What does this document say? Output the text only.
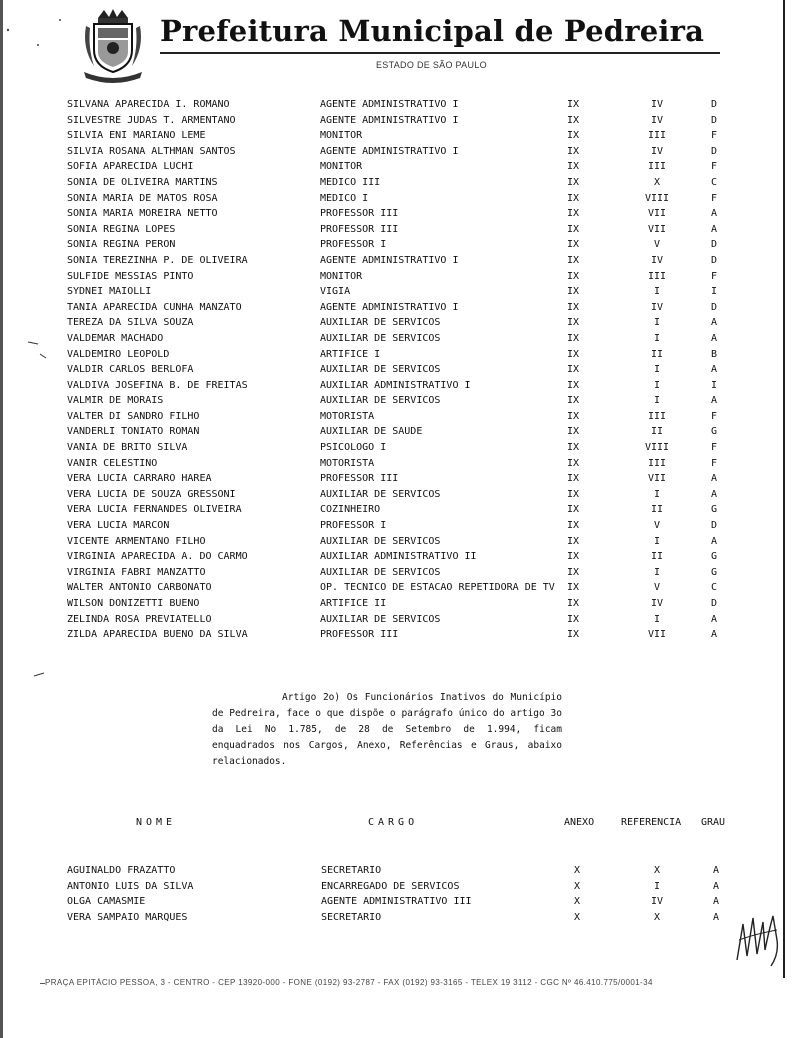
Prefeitura Municipal de Pedreira
ESTADO DE SÃO PAULO
SILVANA APARECIDA I. ROMANO	AGENTE ADMINISTRATIVO I	IX	IV	D
SILVESTRE JUDAS T. ARMENTANO	AGENTE ADMINISTRATIVO I	IX	IV	D
SILVIA ENI MARIANO LEME	MONITOR	IX	III	F
SILVIA ROSANA ALTHMAN SANTOS	AGENTE ADMINISTRATIVO I	IX	IV	D
SOFIA APARECIDA LUCHI	MONITOR	IX	III	F
SONIA DE OLIVEIRA MARTINS	MEDICO III	IX	X	C
SONIA MARIA DE MATOS ROSA	MEDICO I	IX	VIII	F
SONIA MARIA MOREIRA NETTO	PROFESSOR III	IX	VII	A
SONIA REGINA LOPES	PROFESSOR III	IX	VII	A
SONIA REGINA PERON	PROFESSOR I	IX	V	D
SONIA TEREZINHA P. DE OLIVEIRA	AGENTE ADMINISTRATIVO I	IX	IV	D
SULFIDE MESSIAS PINTO	MONITOR	IX	III	F
SYDNEI MAIOLLI	VIGIA	IX	I	I
TANIA APARECIDA CUNHA MANZATO	AGENTE ADMINISTRATIVO I	IX	IV	D
TEREZA DA SILVA SOUZA	AUXILIAR DE SERVICOS	IX	I	A
VALDEMAR MACHADO	AUXILIAR DE SERVICOS	IX	I	A
VALDEMIRO LEOPOLD	ARTIFICE I	IX	II	B
VALDIR CARLOS BERLOFA	AUXILIAR DE SERVICOS	IX	I	A
VALDIVA JOSEFINA B. DE FREITAS	AUXILIAR ADMINISTRATIVO I	IX	I	I
VALMIR DE MORAIS	AUXILIAR DE SERVICOS	IX	I	A
VALTER DI SANDRO FILHO	MOTORISTA	IX	III	F
VANDERLI TONIATO ROMAN	AUXILIAR DE SAUDE	IX	II	G
VANIA DE BRITO SILVA	PSICOLOGO I	IX	VIII	F
VANIR CELESTINO	MOTORISTA	IX	III	F
VERA LUCIA CARRARO HAREA	PROFESSOR III	IX	VII	A
VERA LUCIA DE SOUZA GRESSONI	AUXILIAR DE SERVICOS	IX	I	A
VERA LUCIA FERNANDES OLIVEIRA	COZINHEIRO	IX	II	G
VERA LUCIA MARCON	PROFESSOR I	IX	V	D
VICENTE ARMENTANO FILHO	AUXILIAR DE SERVICOS	IX	I	A
VIRGINIA APARECIDA A. DO CARMO	AUXILIAR ADMINISTRATIVO II	IX	II	G
VIRGINIA FABRI MANZATTO	AUXILIAR DE SERVICOS	IX	I	G
WALTER ANTONIO CARBONATO	OP. TECNICO DE ESTACAO REPETIDORA DE TV IX	V	C
WILSON DONIZETTI BUENO	ARTIFICE II	IX	IV	D
ZELINDA ROSA PREVIATELLO	AUXILIAR DE SERVICOS	IX	I	A
ZILDA APARECIDA BUENO DA SILVA	PROFESSOR III	IX	VII	A

Artigo 2o) Os Funcionários Inativos do Município de Pedreira, face o que dispõe o parágrafo único do artigo 3o da Lei No 1.785, de 28 de Setembro de 1.994, ficam enquadrados nos Cargos, Anexo, Referências e Graus, abaixo relacionados.

NOME	CARGO	ANEXO	REFERENCIA GRAU
AGUINALDO FRAZATTO	SECRETARIO	X	X	A
ANTONIO LUIS DA SILVA	ENCARREGADO DE SERVICOS	X	I	A
OLGA CAMASMIE	AGENTE ADMINISTRATIVO III	X	IV	A
VERA SAMPAIO MARQUES	SECRETARIO	X	X	A
PRAÇA EPITÁCIO PESSOA, 3 - CENTRO - CEP 13920-000 - FONE (0192) 93-2787 - FAX (0192) 93-3165 - TELEX 19 3112 - CGC Nº 46.410.775/0001-34
